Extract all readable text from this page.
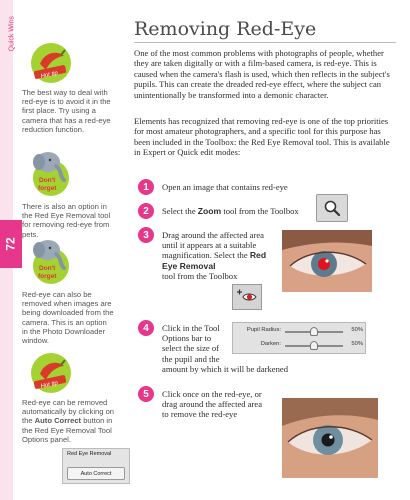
Quick Wins
72
Hot tip
The best way to deal with red-eye is to avoid it in the first place. Try using a camera that has a red-eye reduction function.
Don't
forget
There is also an option in the Red Eye Removal tool for removing red-eye from pets.
Don't
forget
Red-eye can also be removed when images are being downloaded from the camera. This is an option in the Photo Downloader window.
Hot tip
Red-eye can be removed automatically by clicking on the Auto Correct button in the Red Eye Removal Tool Options panel.
Red Eye Removal
Auto Correct
Removing Red-Eye
One of the most common problems with photographs of people, whether they are taken digitally or with a film-based camera, is red-eye. This is caused when the camera's flash is used, which then reflects in the subject's pupils. This can create the dreaded red-eye effect, where the subject can unintentionally be transformed into a demonic character.
Elements has recognized that removing red-eye is one of the top priorities for most amateur photographers, and a specific tool for this purpose has been included in the Toolbox: the Red Eye Removal tool. This is available in Expert or Quick edit modes:
1	Open an image that contains red-eye
2	Select the Zoom tool from the Toolbox
3	Drag around the affected area
until it appears at a suitable
magnification. Select the Red
Eye Removal
tool from the Toolbox
4	Click in the Tool
Options bar to
select the size of
the pupil and the
amount by which it will be darkened
Pupil Radius:	50%
Darken:	50%
5	Click once on the red-eye, or
drag around the affected area
to remove the red-eye
